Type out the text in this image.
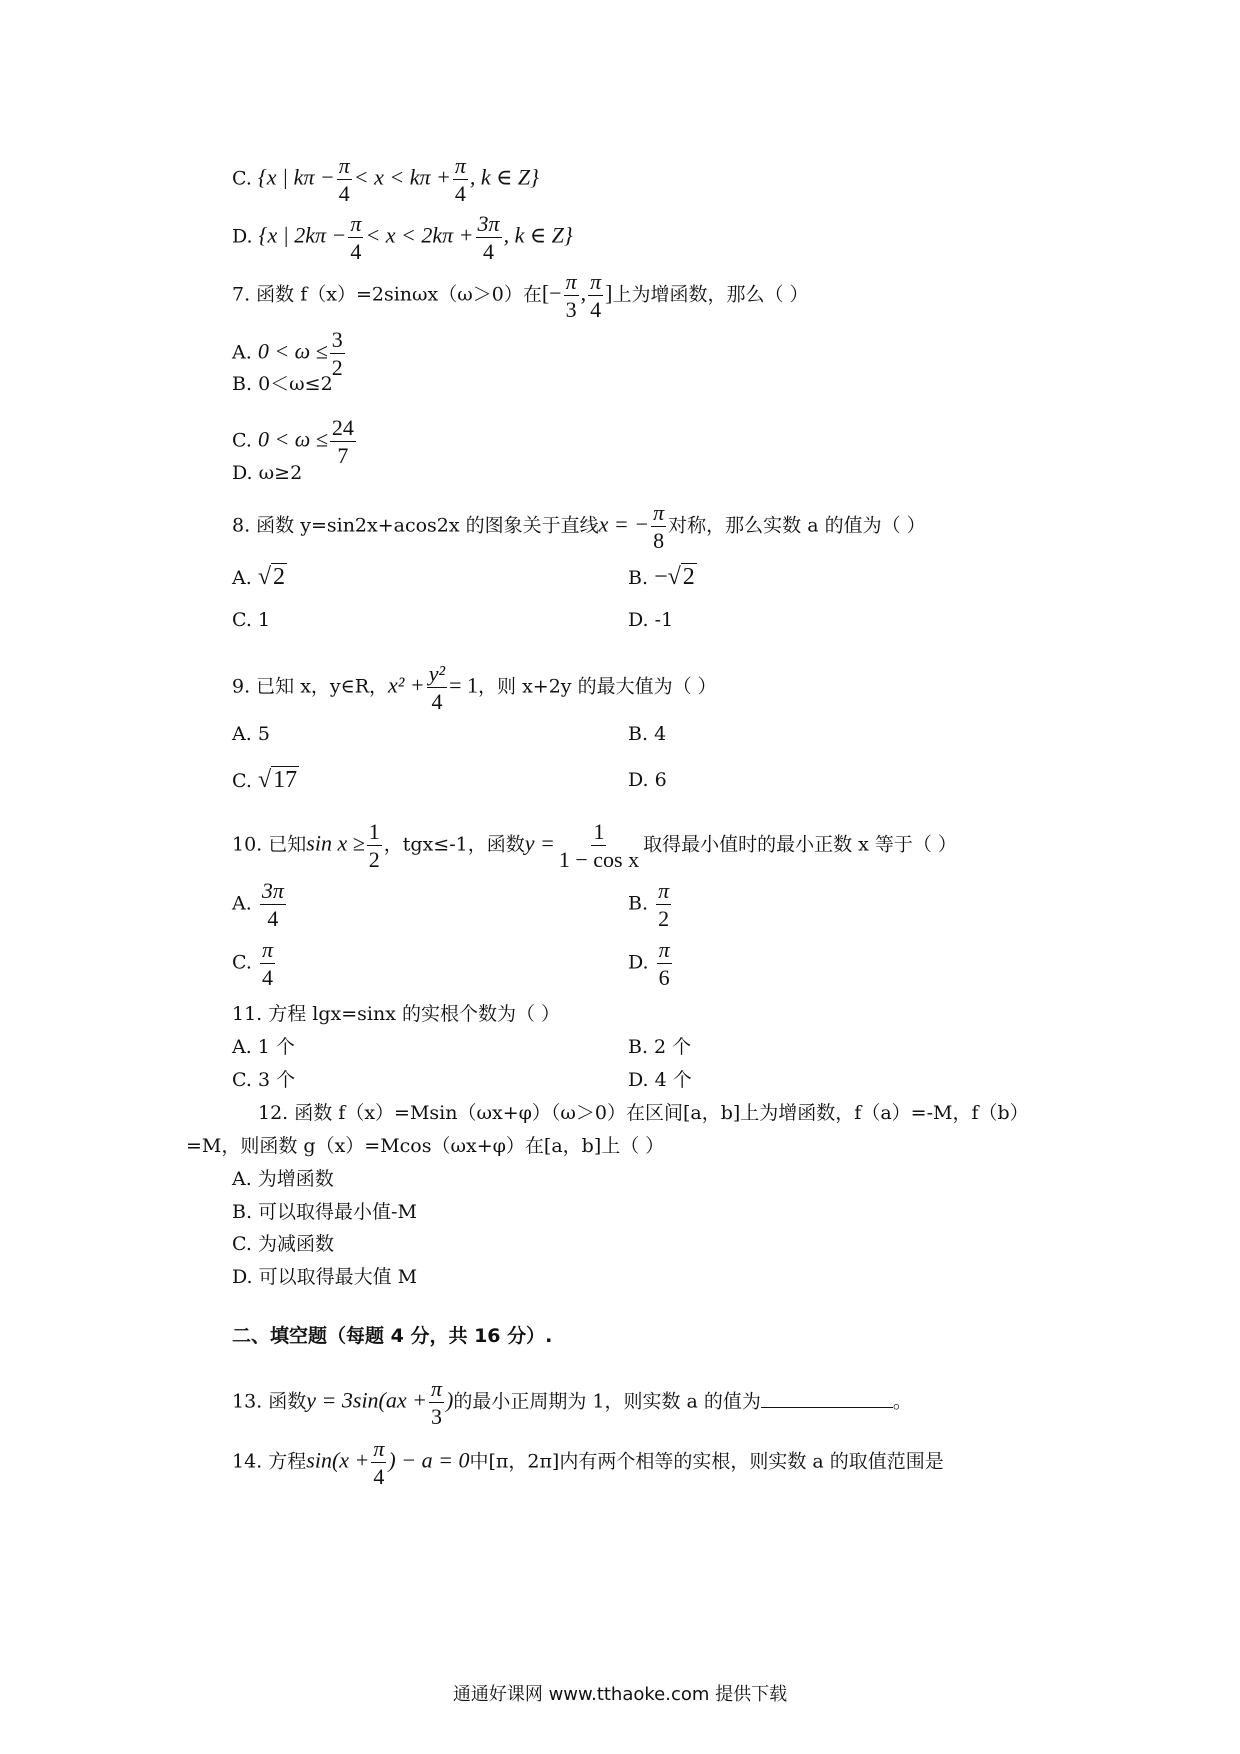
C. {x | $k\pi - \frac{\pi}{4} < x < k\pi + \frac{\pi}{4}$ , k ∈ Z}
D. {x | $2k\pi - \frac{\pi}{4} < x < 2k\pi + \frac{3\pi}{4}$ , k ∈ Z}
7. 函数 f（x）=2sinωx（ω＞0）在[− $\frac{\pi}{3}$ , $\frac{\pi}{4}$ ]上为增函数，那么（ ）
A. $0 < \omega \le \frac{3}{2}$
B. 0＜ω≤2
C. $0 < \omega \le \frac{24}{7}$
D. ω≥2
8. 函数 y=sin2x+acos2x 的图象关于直线x = − $\frac{\pi}{8}$ 对称，那么实数 a 的值为（ ）
A. √2	B. −√2
C. 1	D. -1
9. 已知 x，y∈R，$x^2 + \frac{\text{y²}}{4} = 1$，则 x+2y 的最大值为（ ）
A. 5	B. 4
C. √17	D. 6
10. 已知$\sin x \ge \frac{1}{2}$ ，tgx≤-1，函数$y = \frac{1}{\text{1 − cos x}}$ 取得最小值时的最小正数 x 等于（ ）
A. $\frac{3\pi}{4}$	B. $\frac{\pi}{2}$
C. $\frac{\pi}{4}$	D. $\frac{\pi}{6}$
11. 方程 lgx=sinx 的实根个数为（ ）
A. 1 个	B. 2 个
C. 3 个	D. 4 个
12. 函数 f（x）=Msin（ωx+φ）（ω＞0）在区间[a，b]上为增函数，f（a）=-M，f（b）
=M，则函数 g（x）=Mcos（ωx+φ）在[a，b]上（ ）
A. 为增函数
B. 可以取得最小值-M
C. 为减函数
D. 可以取得最大值 M
二、填空题（每题 4 分，共 16 分）.
13. 函数$y = 3\sin(ax + \frac{\pi}{3}$ )的最小正周期为 1，则实数 a 的值为	。
14. 方程$\sin(x + \frac{\pi}{4}$ ) − a = 0中[π，2π]内有两个相等的实根，则实数 a 的取值范围是
通通好课网 www.tthaoke.com 提供下载
